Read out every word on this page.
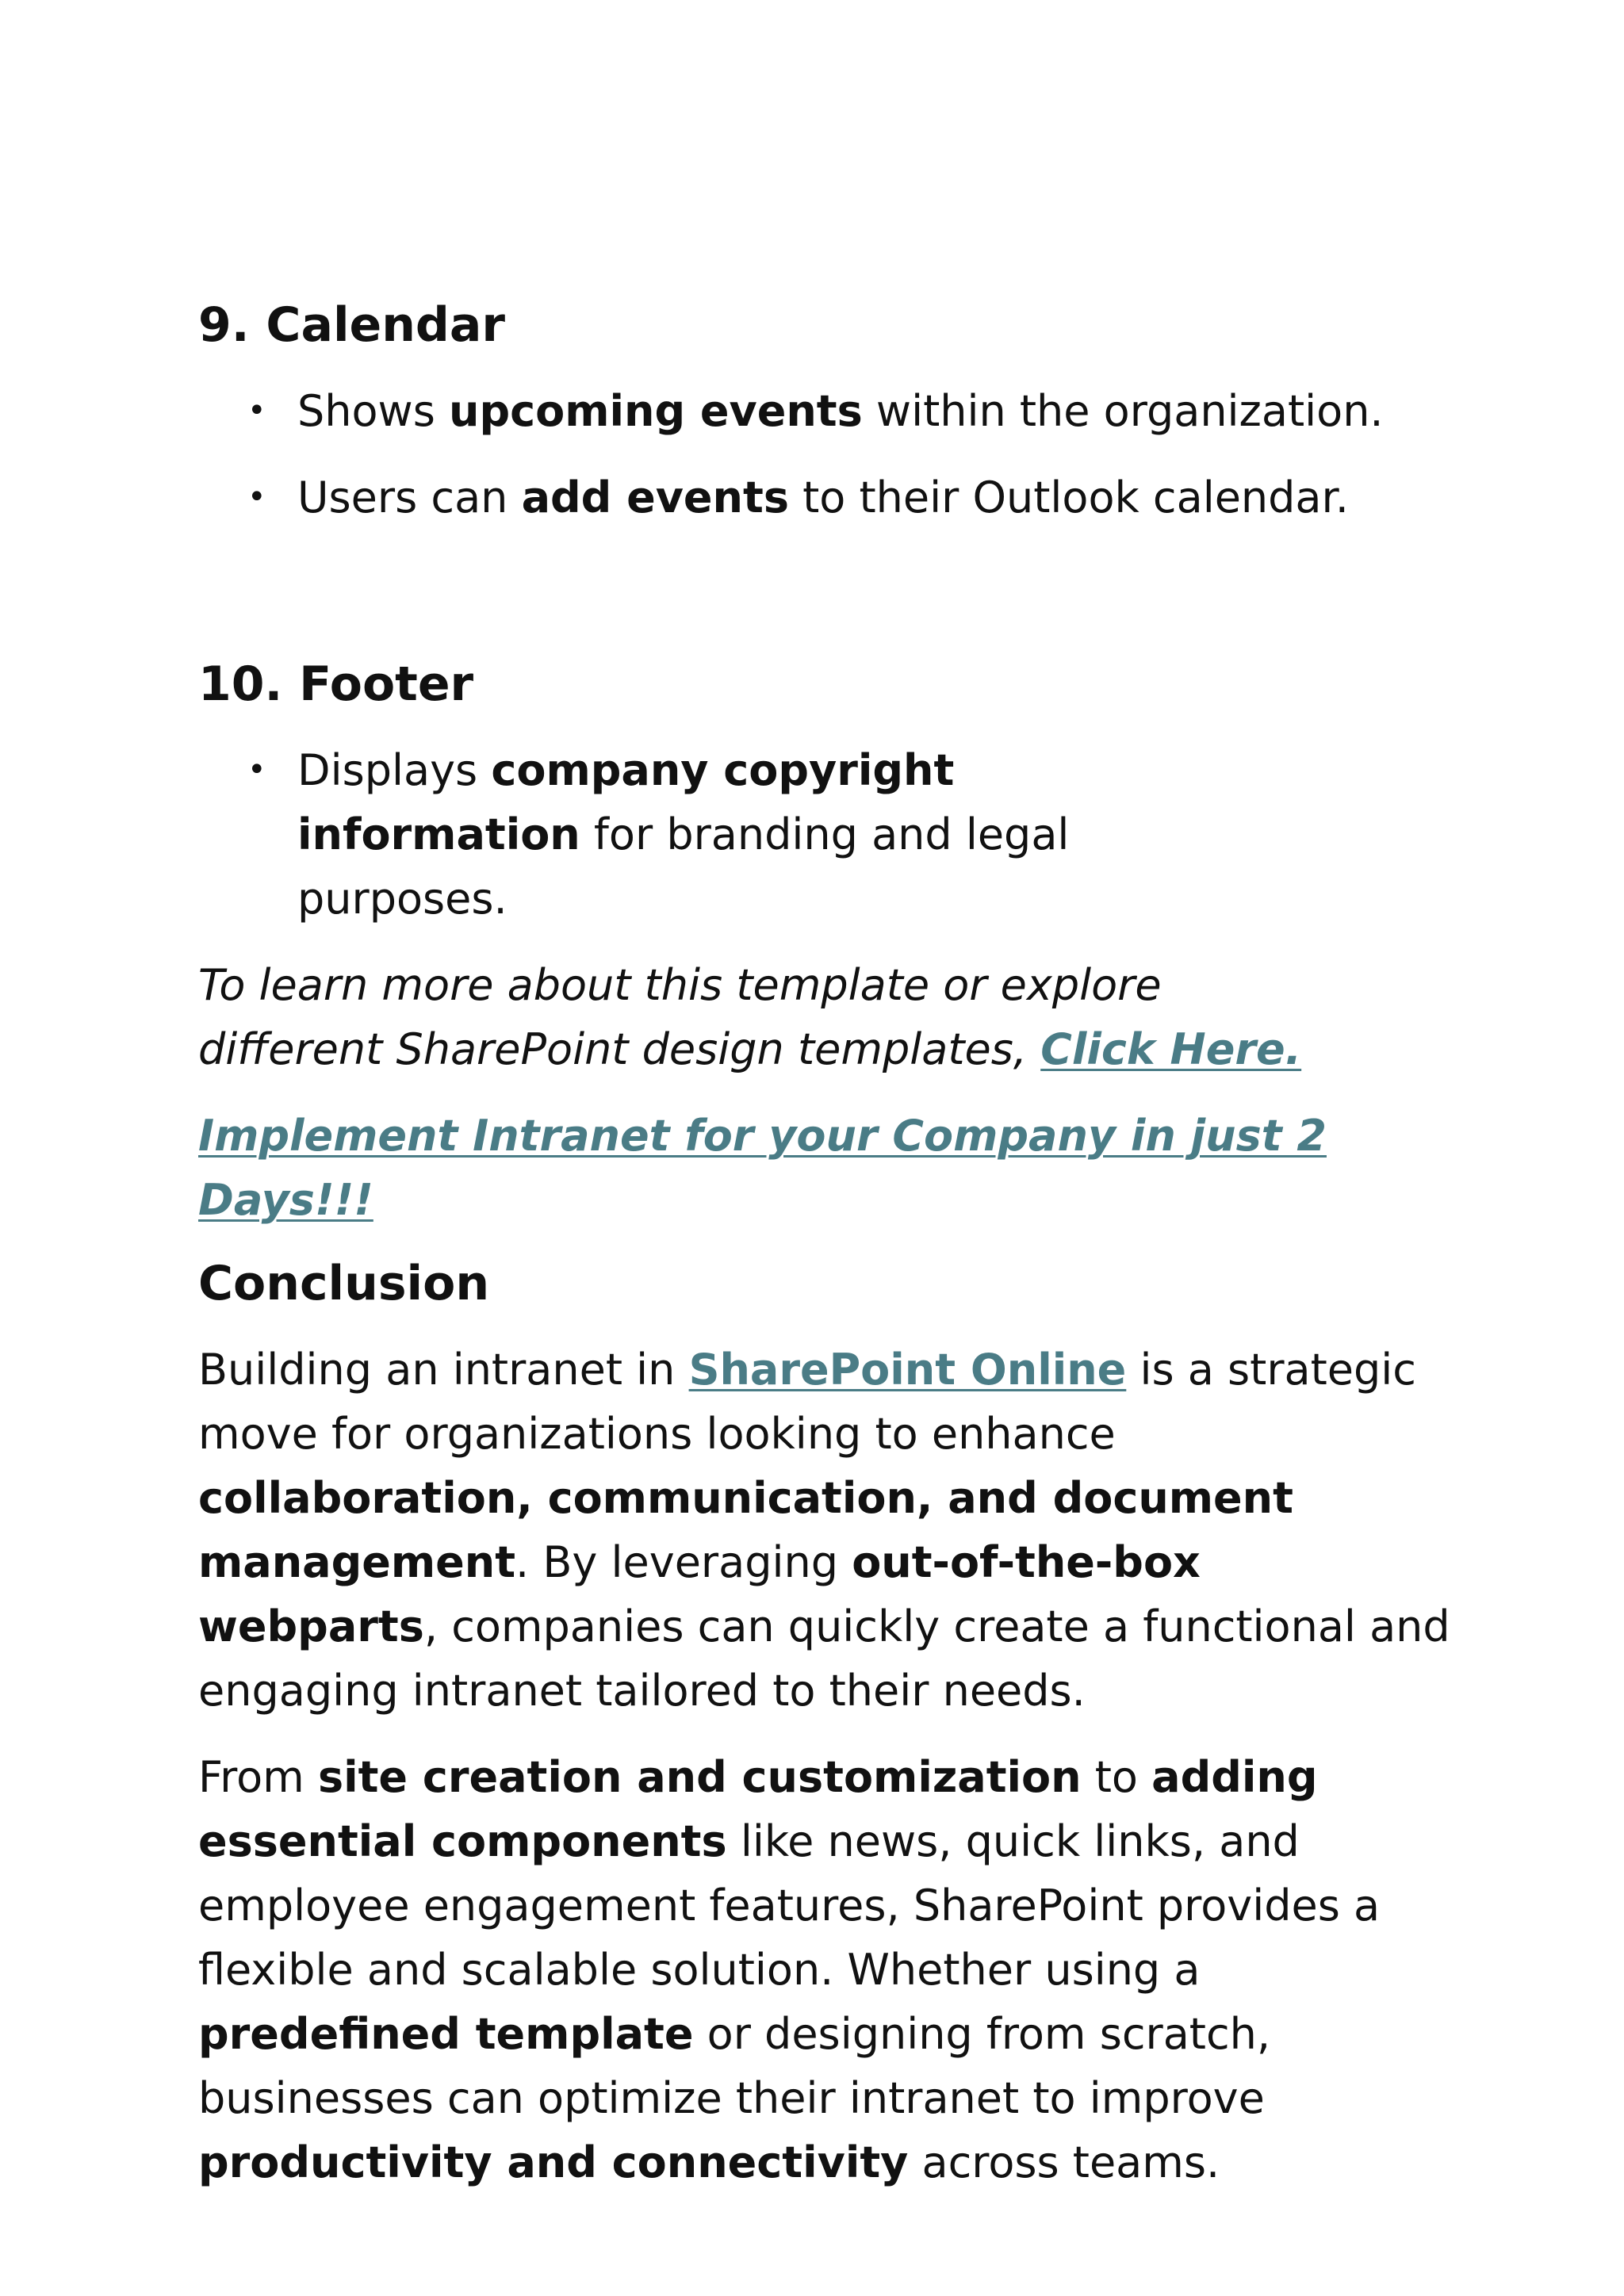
9. Calendar
• Shows upcoming events within the organization.
• Users can add events to their Outlook calendar.
10. Footer
• Displays company copyright information for branding and legal purposes.

To learn more about this template or explore different SharePoint design templates, Click Here.

Implement Intranet for your Company in just 2 Days!!!

Conclusion

Building an intranet in SharePoint Online is a strategic move for organizations looking to enhance collaboration, communication, and document management. By leveraging out-of-the-box webparts, companies can quickly create a functional and engaging intranet tailored to their needs.

From site creation and customization to adding essential components like news, quick links, and employee engagement features, SharePoint provides a flexible and scalable solution. Whether using a predefined template or designing from scratch, businesses can optimize their intranet to improve productivity and connectivity across teams.
